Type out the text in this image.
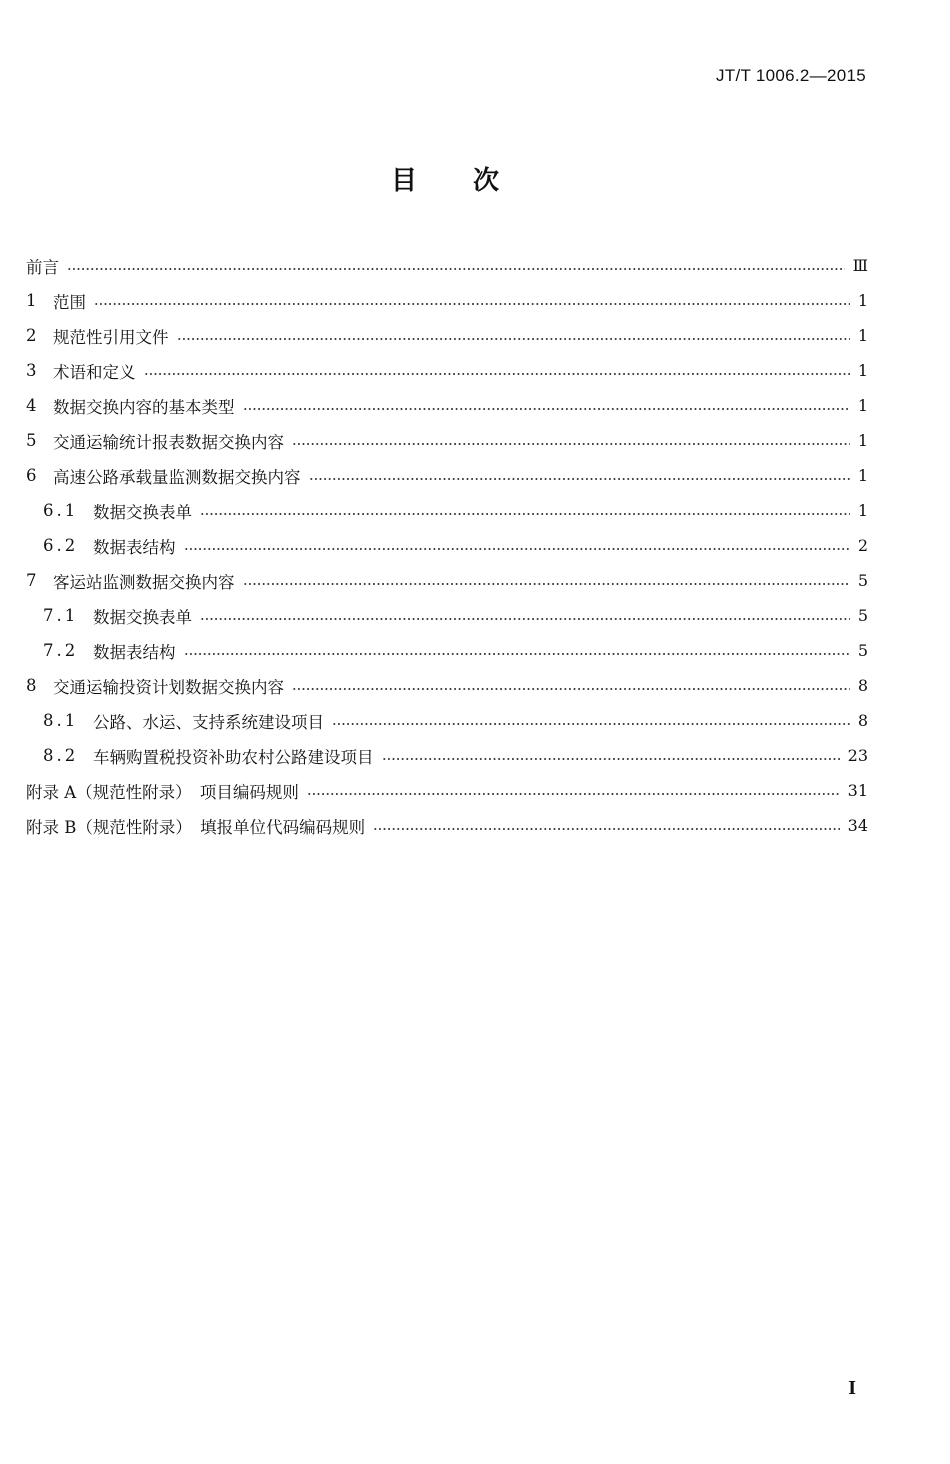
JT/T 1006.2—2015
目次
前言	Ⅲ
1	范围	1
2	规范性引用文件	1
3	术语和定义	1
4	数据交换内容的基本类型	1
5	交通运输统计报表数据交换内容	1
6	高速公路承载量监测数据交换内容	1
6.1 数据交换表单	1
6.2 数据表结构	2
7	客运站监测数据交换内容	5
7.1 数据交换表单	5
7.2 数据表结构	5
8	交通运输投资计划数据交换内容	8
8.1 公路、水运、支持系统建设项目	8
8.2 车辆购置税投资补助农村公路建设项目	23
附录 A（规范性附录）　项目编码规则	31
附录 B（规范性附录）　填报单位代码编码规则	34
I
